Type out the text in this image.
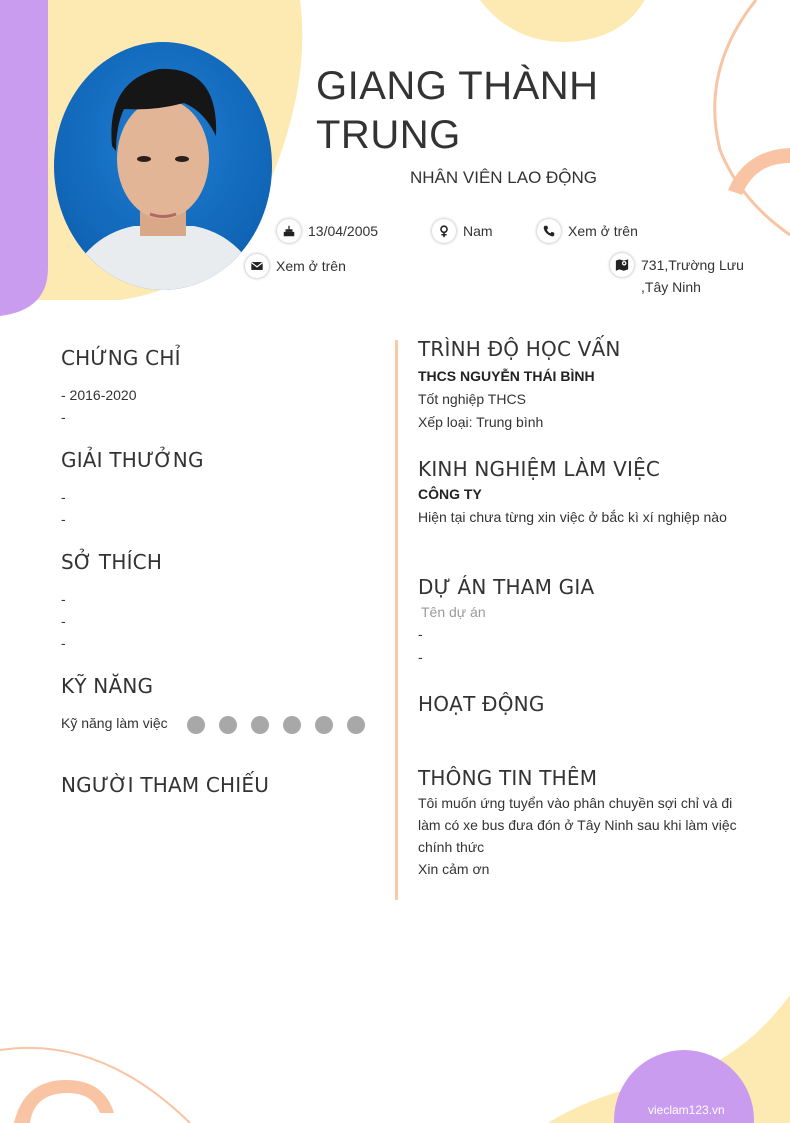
GIANG THÀNH
TRUNG
NHÂN VIÊN LAO ĐỘNG
13/04/2005	Nam	Xem ở trên
Xem ở trên	731,Trường Lưu
,Tây Ninh
CHỨNG CHỈ
- 2016-2020
-
GIẢI THƯỞNG
-
-
SỞ THÍCH
-
-
-
KỸ NĂNG
Kỹ năng làm việc
NGƯỜI THAM CHIẾU
TRÌNH ĐỘ HỌC VẤN
THCS NGUYỄN THÁI BÌNH
Tốt nghiệp THCS
Xếp loại: Trung bình
KINH NGHIỆM LÀM VIỆC
CÔNG TY
Hiện tại chưa từng xin việc ở bắc kì xí nghiệp nào
DỰ ÁN THAM GIA
Tên dự án
-
-
HOẠT ĐỘNG
THÔNG TIN THÊM
Tôi muốn ứng tuyển vào phân chuyền sợi chỉ và đi
làm có xe bus đưa đón ở Tây Ninh sau khi làm việc
chính thức
Xin cảm ơn
vieclam123.vn
